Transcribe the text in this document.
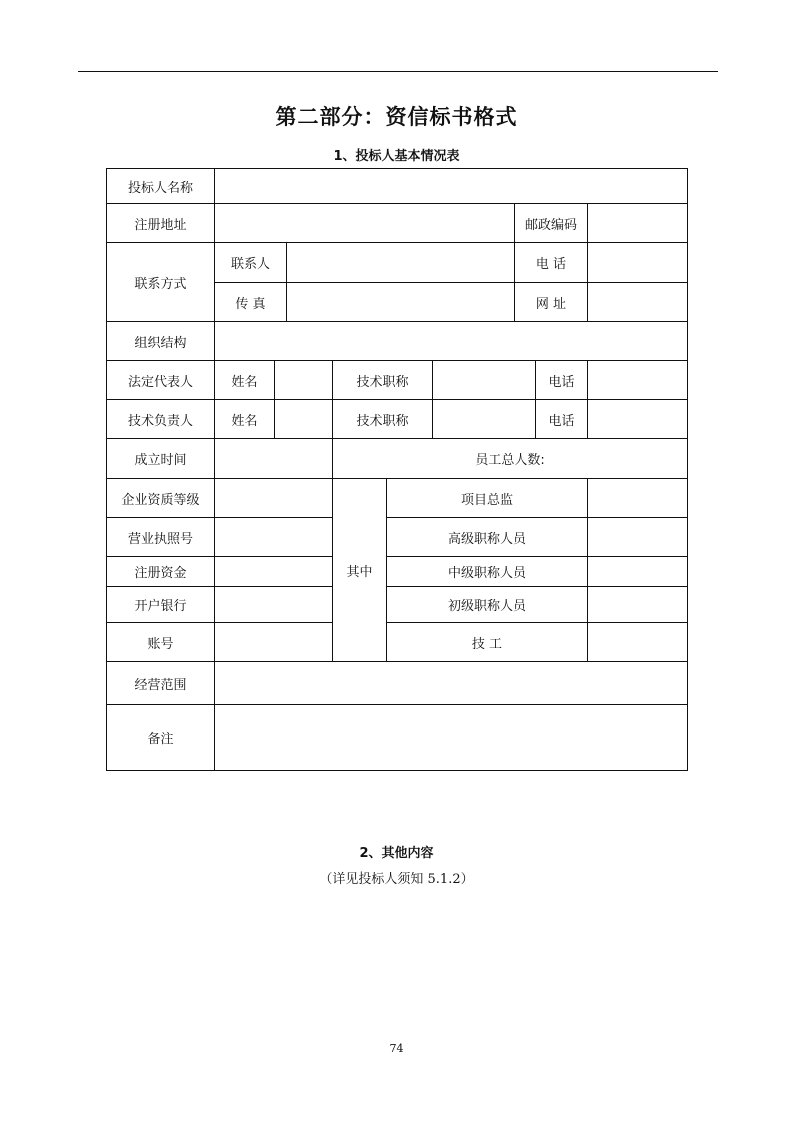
第二部分：资信标书格式
1、投标人基本情况表
投标人名称									
注册地址							邮政编码		
联系方式	联系人						电 话		
	传 真						网 址		
组织结构									
法定代表人	姓名			技术职称				电话	
技术负责人	姓名			技术职称				电话	
成立时间				员工总人数:					
企业资质等级				其中	项目总监				
营业执照号					高级职称人员				
注册资金					中级职称人员				
开户银行					初级职称人员				
账号					技 工				
经营范围									
备注									
2、其他内容
（详见投标人须知 5.1.2）
74
